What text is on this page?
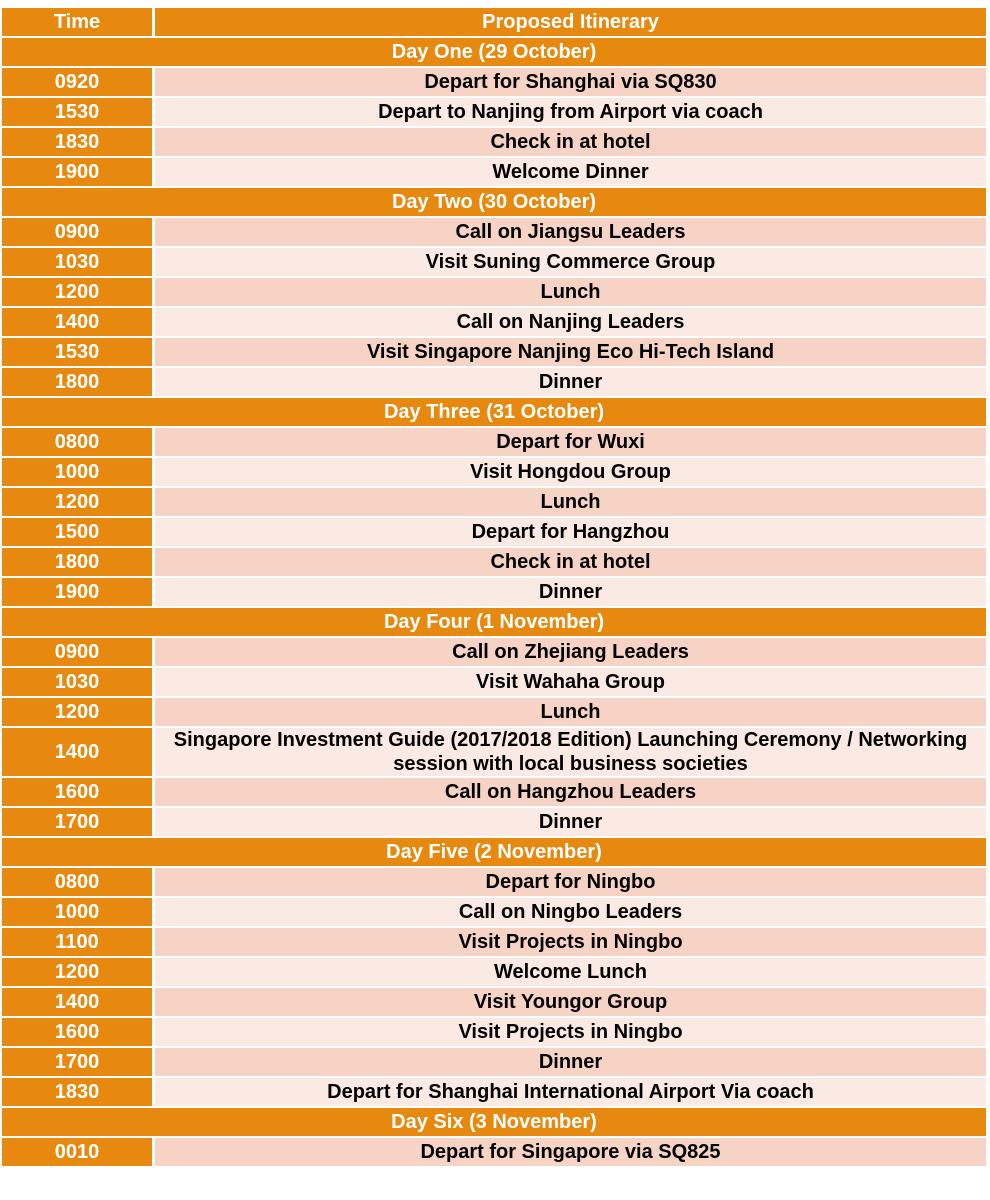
Time	Proposed Itinerary
Day One (29 October)	
0920	Depart for Shanghai via SQ830
1530	Depart to Nanjing from Airport via coach
1830	Check in at hotel
1900	Welcome Dinner
Day Two (30 October)	
0900	Call on Jiangsu Leaders
1030	Visit Suning Commerce Group
1200	Lunch
1400	Call on Nanjing Leaders
1530	Visit Singapore Nanjing Eco Hi-Tech Island
1800	Dinner
Day Three (31 October)	
0800	Depart for Wuxi
1000	Visit Hongdou Group
1200	Lunch
1500	Depart for Hangzhou
1800	Check in at hotel
1900	Dinner
Day Four (1 November)	
0900	Call on Zhejiang Leaders
1030	Visit Wahaha Group
1200	Lunch
1400	Singapore Investment Guide (2017/2018 Edition) Launching Ceremony / Networking session with local business societies
1600	Call on Hangzhou Leaders
1700	Dinner
Day Five (2 November)	
0800	Depart for Ningbo
1000	Call on Ningbo Leaders
1100	Visit Projects in Ningbo
1200	Welcome Lunch
1400	Visit Youngor Group
1600	Visit Projects in Ningbo
1700	Dinner
1830	Depart for Shanghai International Airport Via coach
Day Six (3 November)	
0010	Depart for Singapore via SQ825
